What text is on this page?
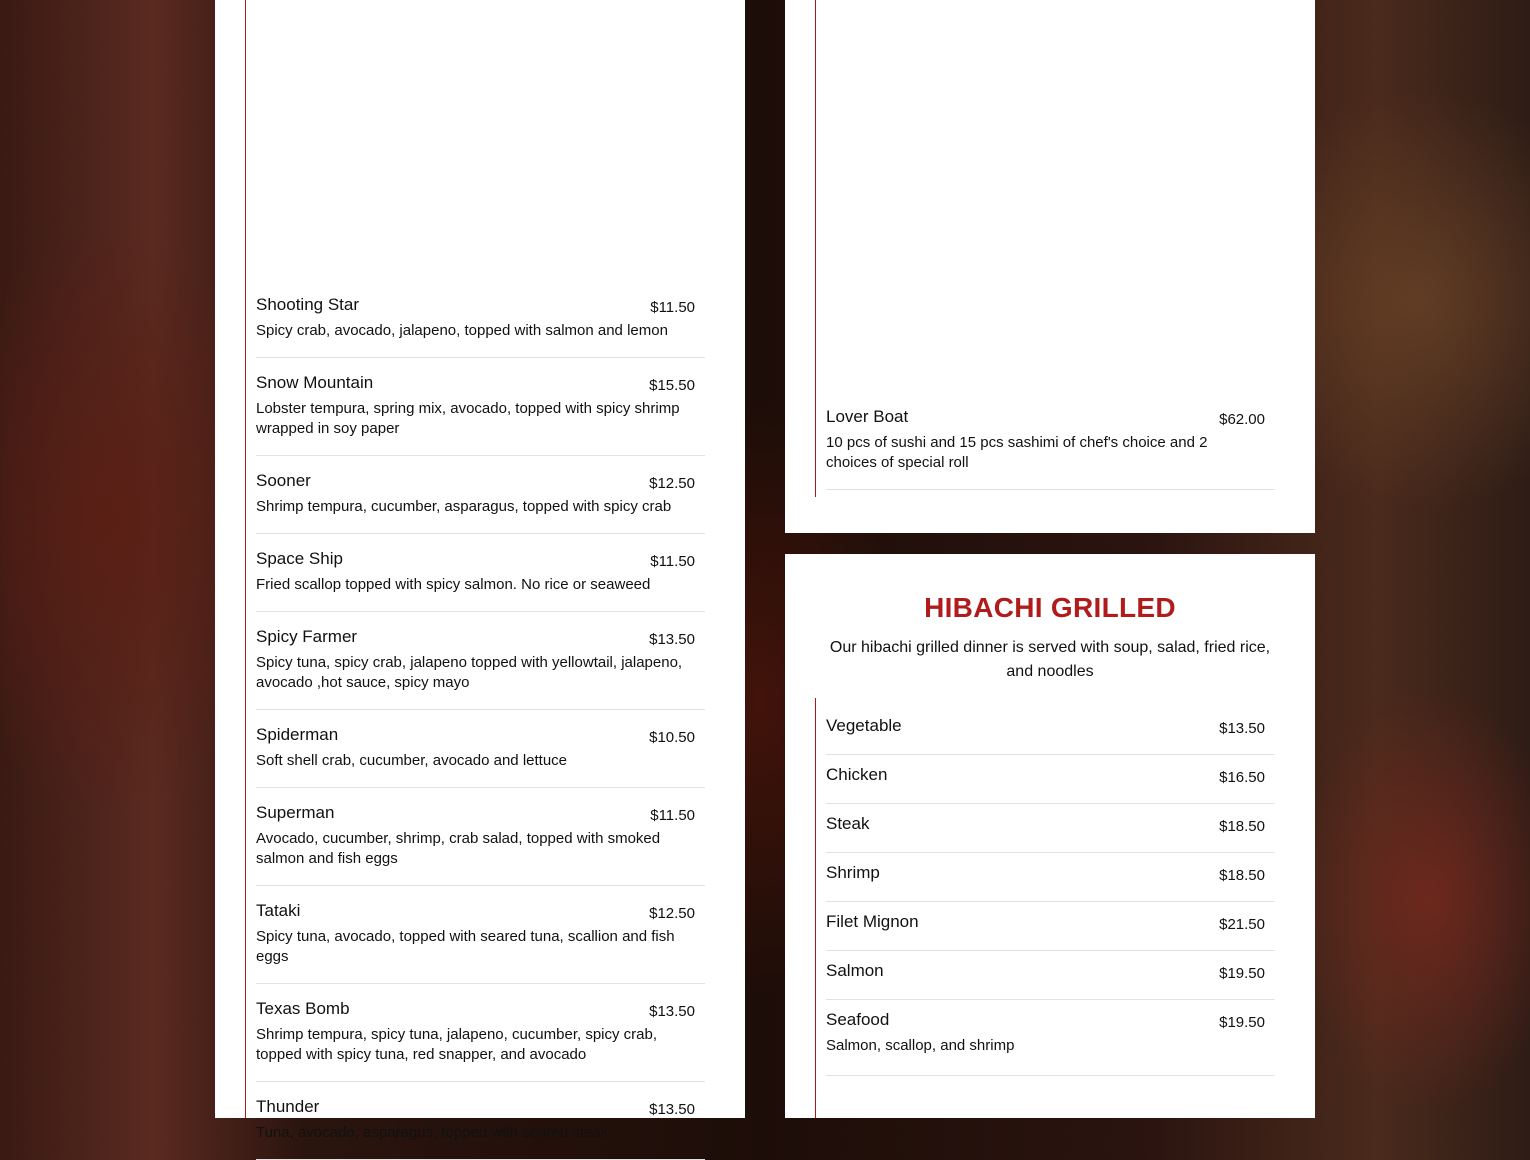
Shooting Star	$11.50
Spicy crab, avocado, jalapeno, topped with salmon and lemon
Snow Mountain	$15.50
Lobster tempura, spring mix, avocado, topped with spicy shrimp wrapped in soy paper
Sooner	$12.50
Shrimp tempura, cucumber, asparagus, topped with spicy crab
Space Ship	$11.50
Fried scallop topped with spicy salmon. No rice or seaweed
Spicy Farmer	$13.50
Spicy tuna, spicy crab, jalapeno topped with yellowtail, jalapeno, avocado ,hot sauce, spicy mayo
Spiderman	$10.50
Soft shell crab, cucumber, avocado and lettuce
Superman	$11.50
Avocado, cucumber, shrimp, crab salad, topped with smoked salmon and fish eggs
Tataki	$12.50
Spicy tuna, avocado, topped with seared tuna, scallion and fish eggs
Texas Bomb	$13.50
Shrimp tempura, spicy tuna, jalapeno, cucumber, spicy crab, topped with spicy tuna, red snapper, and avocado
Thunder	$13.50
Tuna, avocado, asparagus, topped with seared steak
Lover Boat	$62.00
10 pcs of sushi and 15 pcs sashimi of chef's choice and 2 choices of special roll
HIBACHI GRILLED
Our hibachi grilled dinner is served with soup, salad, fried rice, and noodles
Vegetable	$13.50
Chicken	$16.50
Steak	$18.50
Shrimp	$18.50
Filet Mignon	$21.50
Salmon	$19.50
Seafood	$19.50
Salmon, scallop, and shrimp
